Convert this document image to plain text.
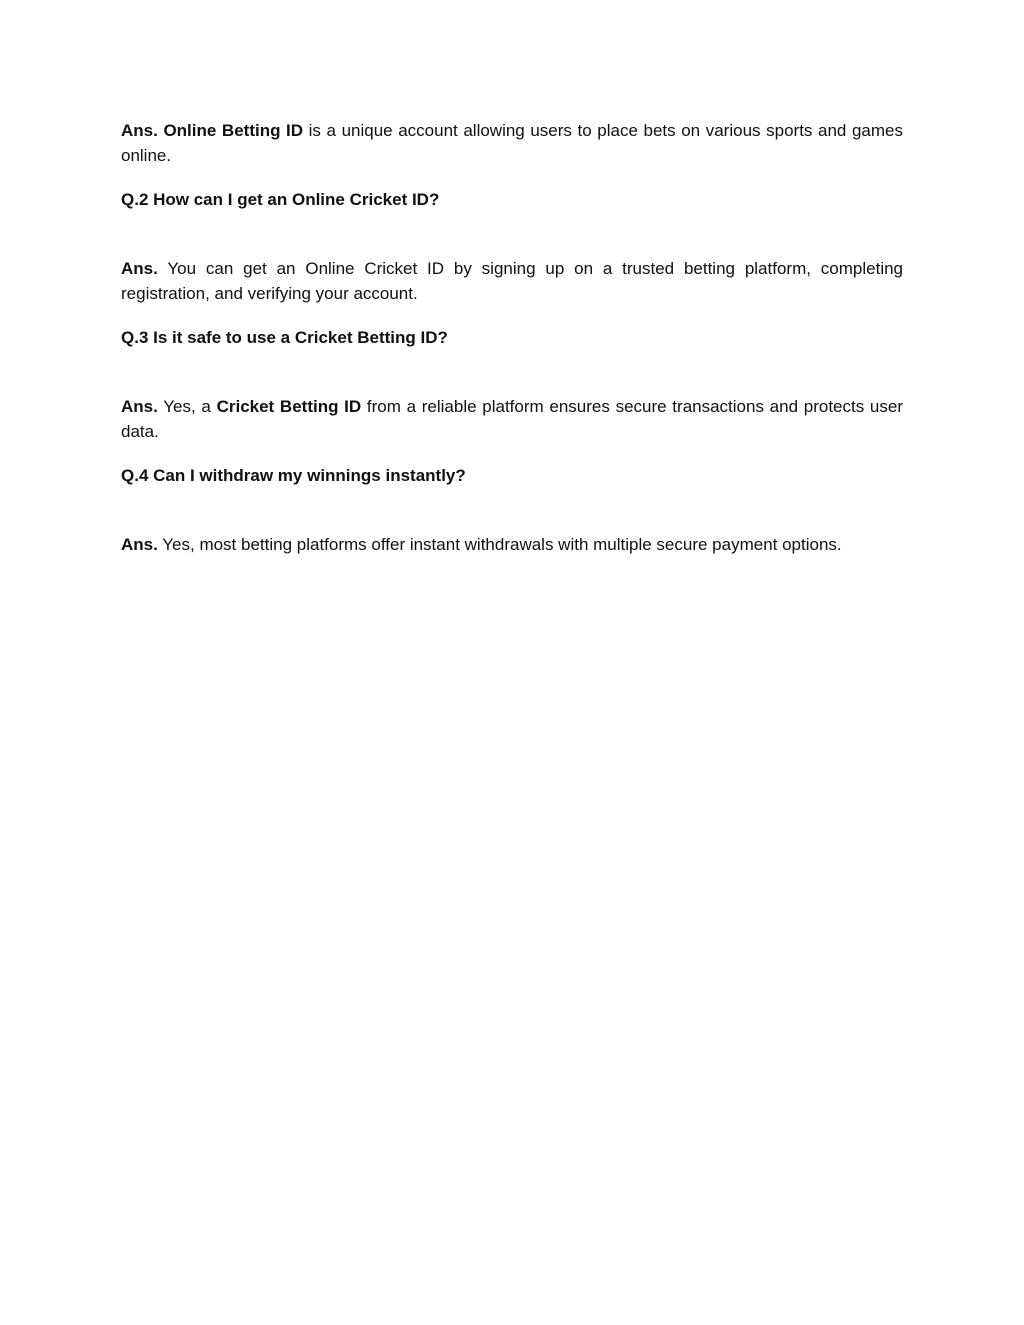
Ans. Online Betting ID is a unique account allowing users to place bets on various sports and games online.

Q.2 How can I get an Online Cricket ID?

Ans. You can get an Online Cricket ID by signing up on a trusted betting platform, completing registration, and verifying your account.

Q.3 Is it safe to use a Cricket Betting ID?

Ans. Yes, a Cricket Betting ID from a reliable platform ensures secure transactions and protects user data.

Q.4 Can I withdraw my winnings instantly?

Ans. Yes, most betting platforms offer instant withdrawals with multiple secure payment options.
